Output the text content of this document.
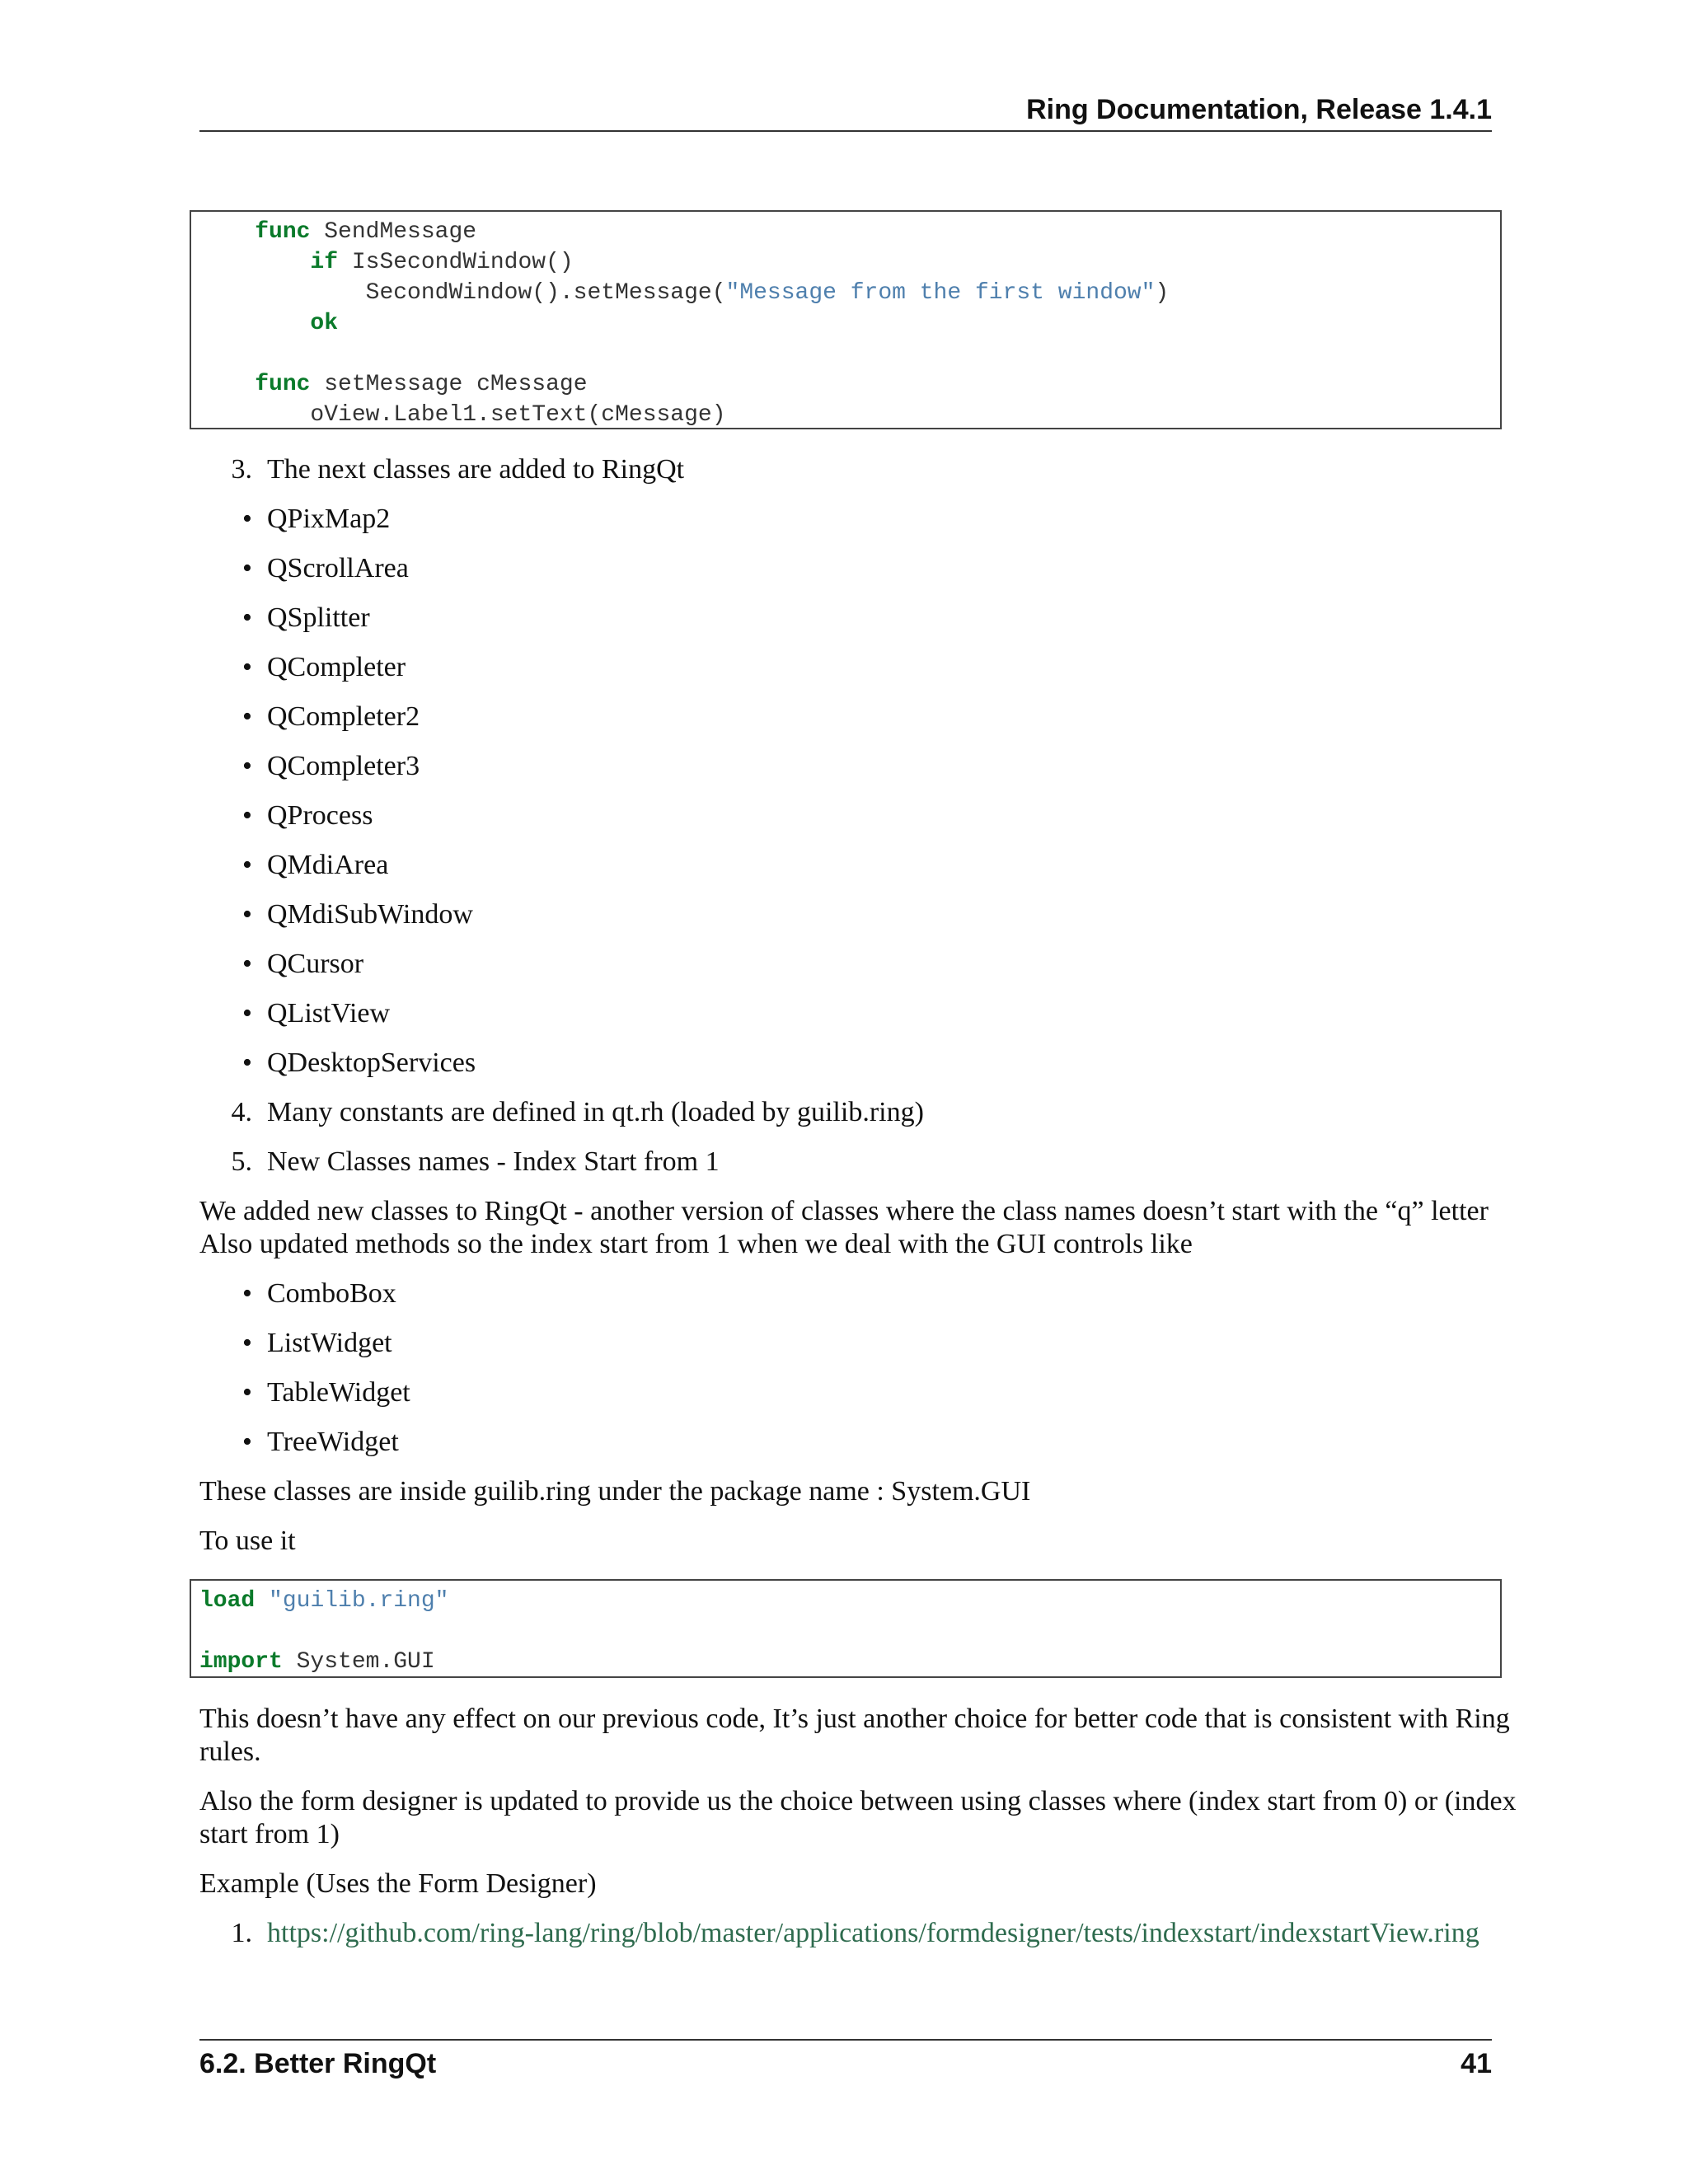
Ring Documentation, Release 1.4.1
func SendMessage
if IsSecondWindow()
SecondWindow().setMessage("Message from the first window")
ok

func setMessage cMessage
oView.Label1.setText(cMessage)
3. The next classes are added to RingQt
• QPixMap2
• QScrollArea
• QSplitter
• QCompleter
• QCompleter2
• QCompleter3
• QProcess
• QMdiArea
• QMdiSubWindow
• QCursor
• QListView
• QDesktopServices
4. Many constants are defined in qt.rh (loaded by guilib.ring)
5. New Classes names - Index Start from 1
We added new classes to RingQt - another version of classes where the class names doesn’t start with the “q” letter
Also updated methods so the index start from 1 when we deal with the GUI controls like
• ComboBox
• ListWidget
• TableWidget
• TreeWidget
These classes are inside guilib.ring under the package name : System.GUI
To use it
load "guilib.ring"

import System.GUI
This doesn’t have any effect on our previous code, It’s just another choice for better code that is consistent with Ring
rules.
Also the form designer is updated to provide us the choice between using classes where (index start from 0) or (index
start from 1)
Example (Uses the Form Designer)
1. https://github.com/ring-lang/ring/blob/master/applications/formdesigner/tests/indexstart/indexstartView.ring
6.2. Better RingQt	41
